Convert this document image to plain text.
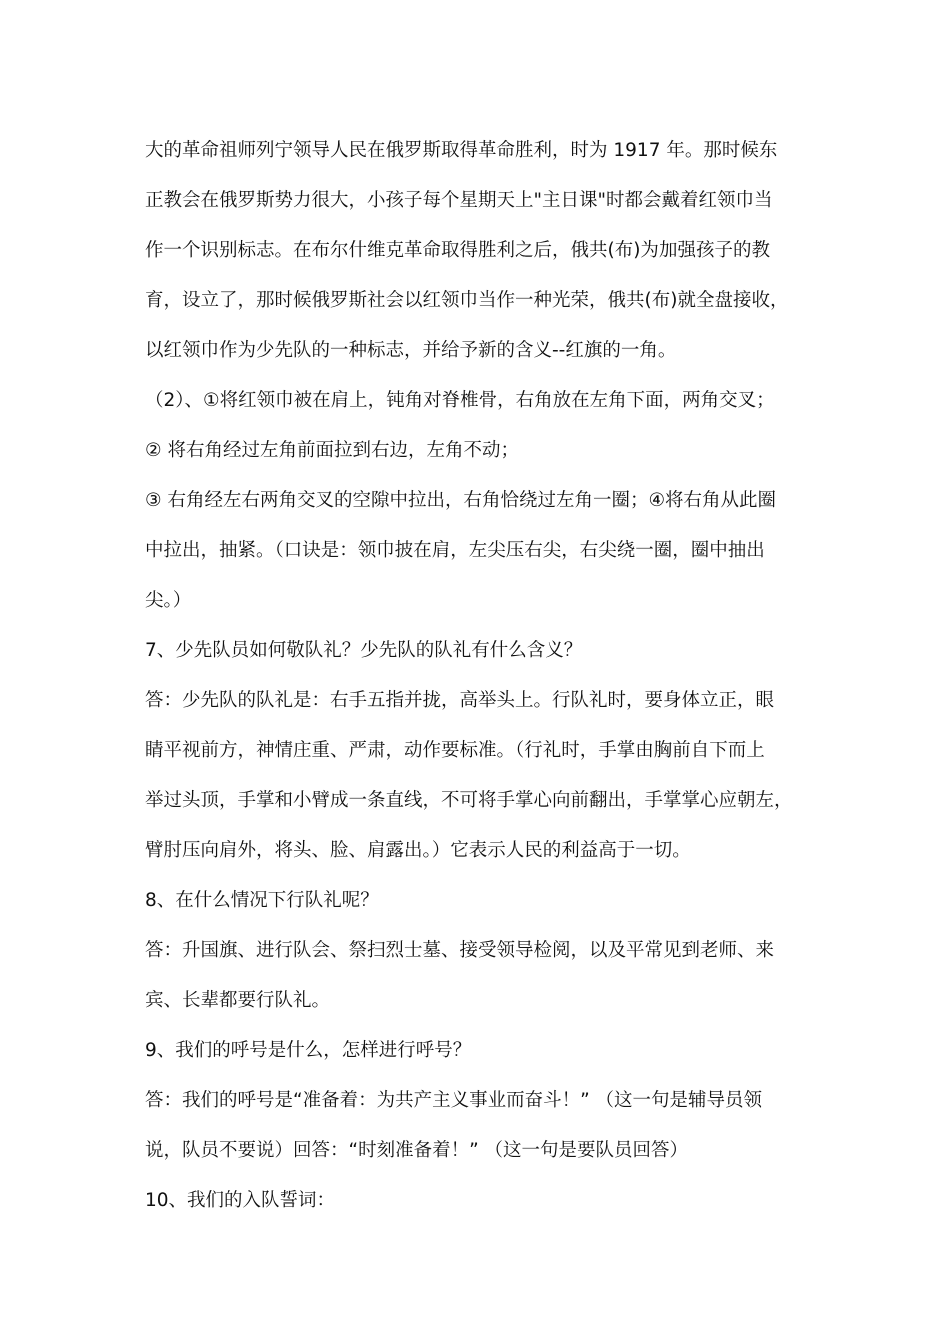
大的革命祖师列宁领导人民在俄罗斯取得革命胜利，时为 1917 年。那时候东
正教会在俄罗斯势力很大，小孩子每个星期天上"主日课"时都会戴着红领巾当
作一个识别标志。在布尔什维克革命取得胜利之后，俄共(布)为加强孩子的教
育，设立了，那时候俄罗斯社会以红领巾当作一种光荣，俄共(布)就全盘接收，
以红领巾作为少先队的一种标志，并给予新的含义--红旗的一角。
（2）、①将红领巾被在肩上，钝角对脊椎骨，右角放在左角下面，两角交叉；
② 将右角经过左角前面拉到右边，左角不动；
③ 右角经左右两角交叉的空隙中拉出，右角恰绕过左角一圈；④将右角从此圈
中拉出，抽紧。（口诀是：领巾披在肩，左尖压右尖，右尖绕一圈，圈中抽出
尖。）
7、少先队员如何敬队礼？少先队的队礼有什么含义？
答：少先队的队礼是：右手五指并拢，高举头上。行队礼时，要身体立正，眼
睛平视前方，神情庄重、严肃，动作要标准。（行礼时，手掌由胸前自下而上
举过头顶，手掌和小臂成一条直线，不可将手掌心向前翻出，手掌掌心应朝左，
臂肘压向肩外，将头、脸、肩露出。）它表示人民的利益高于一切。
8、在什么情况下行队礼呢？
答：升国旗、进行队会、祭扫烈士墓、接受领导检阅，以及平常见到老师、来
宾、长辈都要行队礼。
9、我们的呼号是什么，怎样进行呼号？
答：我们的呼号是“准备着：为共产主义事业而奋斗！” （这一句是辅导员领
说，队员不要说）回答：“时刻准备着！” （这一句是要队员回答）
10、我们的入队誓词：
